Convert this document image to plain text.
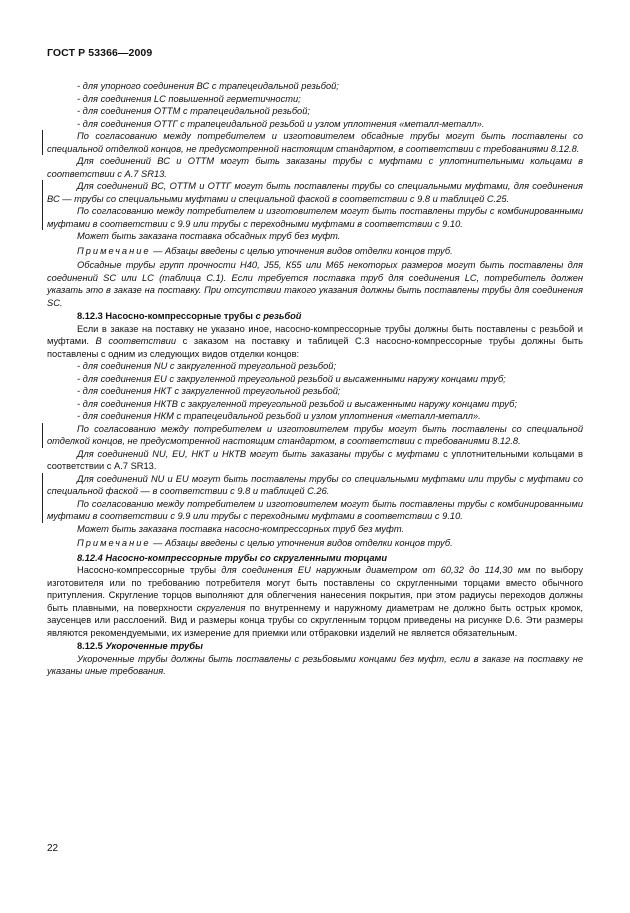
ГОСТ Р 53366—2009

- для упорного соединения ВС с трапецеидальной резьбой;

- для соединения LC повышенной герметичности;

- для соединения ОТТМ с трапецеидальной резьбой;

- для соединения ОТТГ с трапецеидальной резьбой и узлом уплотнения «металл-металл».

По согласованию между потребителем и изготовителем обсадные трубы могут быть поставлены со специальной отделкой концов, не предусмотренной настоящим стандартом, в соответствии с требованиями 8.12.8.

Для соединений ВС и ОТТМ могут быть заказаны трубы с муфтами с уплотнительными кольцами в соответствии с А.7 SR13.

Для соединений ВС, ОТТМ и ОТТГ могут быть поставлены трубы со специальными муфтами, для соединения ВС — трубы со специальными муфтами и специальной фаской в соответствии с 9.8 и таблицей С.25.

По согласованию между потребителем и изготовителем могут быть поставлены трубы с комбинированными муфтами в соответствии с 9.9 или трубы с переходными муфтами в соответствии с 9.10.

Может быть заказана поставка обсадных труб без муфт.

Примечание — Абзацы введены с целью уточнения видов отделки концов труб.

Обсадные трубы групп прочности Н40, J55, К55 или М65 некоторых размеров могут быть поставлены для соединений SC или LC (таблица С.1). Если требуется поставка труб для соединения LC, потребитель должен указать это в заказе на поставку. При отсутствии такого указания должны быть поставлены трубы для соединения SC.

8.12.3 Насосно-компрессорные трубы с резьбой

Если в заказе на поставку не указано иное, насосно-компрессорные трубы должны быть поставлены с резьбой и муфтами. В соответствии с заказом на поставку и таблицей С.3 насосно-компрессорные трубы должны быть поставлены с одним из следующих видов отделки концов:

- для соединения NU с закругленной треугольной резьбой;

- для соединения EU с закругленной треугольной резьбой и высаженными наружу концами труб;

- для соединения НКТ с закругленной треугольной резьбой;

- для соединения НКТВ с закругленной треугольной резьбой и высаженными наружу концами труб;

- для соединения НКМ с трапецеидальной резьбой и узлом уплотнения «металл-металл».

По согласованию между потребителем и изготовителем трубы могут быть поставлены со специальной отделкой концов, не предусмотренной настоящим стандартом, в соответствии с требованиями 8.12.8.

Для соединений NU, EU, НКТ и НКТВ могут быть заказаны трубы с муфтами с уплотнительными кольцами в соответствии с А.7 SR13.

Для соединений NU и EU могут быть поставлены трубы со специальными муфтами или трубы с муфтами со специальной фаской — в соответствии с 9.8 и таблицей С.26.

По согласованию между потребителем и изготовителем могут быть поставлены трубы с комбинированными муфтами в соответствии с 9.9 или трубы с переходными муфтами в соответствии с 9.10.

Может быть заказана поставка насосно-компрессорных труб без муфт.

Примечание — Абзацы введены с целью уточнения видов отделки концов труб.

8.12.4 Насосно-компрессорные трубы со скругленными торцами

Насосно-компрессорные трубы для соединения EU наружным диаметром от 60,32 до 114,30 мм по выбору изготовителя или по требованию потребителя могут быть поставлены со скругленными торцами вместо обычного притупления. Скругление торцов выполняют для облегчения нанесения покрытия, при этом радиусы переходов должны быть плавными, на поверхности скругления по внутреннему и наружному диаметрам не должно быть острых кромок, заусенцев или расслоений. Вид и размеры конца трубы со скругленным торцом приведены на рисунке D.6. Эти размеры являются рекомендуемыми, их измерение для приемки или отбраковки изделий не является обязательным.

8.12.5 Укороченные трубы

Укороченные трубы должны быть поставлены с резьбовыми концами без муфт, если в заказе на поставку не указаны иные требования.

22
